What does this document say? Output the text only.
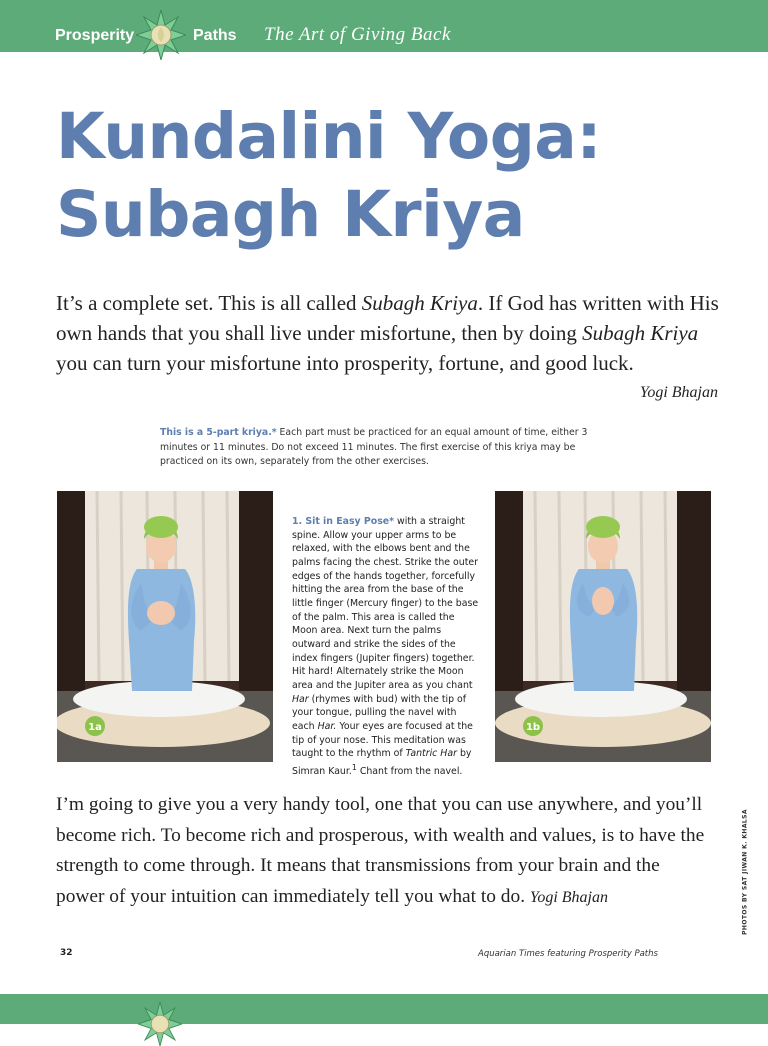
Prosperity	Paths The Art of Giving Back
Kundalini Yoga:
Subagh Kriya

It’s a complete set. This is all called Subagh Kriya. If God has written with His own hands that you shall live under misfortune, then by doing Subagh Kriya you can turn your misfortune into prosperity, fortune, and good luck.

Yogi Bhajan

This is a 5-part kriya.* Each part must be practiced for an equal amount of time, either 3 minutes or 11 minutes. Do not exceed 11 minutes. The first exercise of this kriya may be practiced on its own, separately from the other exercises.

1a

1. Sit in Easy Pose* with a straight spine. Allow your upper arms to be relaxed, with the elbows bent and the palms facing the chest. Strike the outer edges of the hands together, forcefully hitting the area from the base of the little finger (Mercury finger) to the base of the palm. This area is called the Moon area. Next turn the palms outward and strike the sides of the index fingers (Jupiter fingers) together. Hit hard! Alternately strike the Moon area and the Jupiter area as you chant Har (rhymes with bud) with the tip of your tongue, pulling the navel with each Har. Your eyes are focused at the tip of your nose. This meditation was taught to the rhythm of Tantric Har by Simran Kaur.$^1$ Chant from the navel.

1b

I’m going to give you a very handy tool, one that you can use anywhere, and you’ll become rich. To become rich and prosperous, with wealth and values, is to have the strength to come through. It means that transmissions from your brain and the power of your intuition can immediately tell you what to do. Yogi Bhajan	PHOTOS BY SAT JIWAN K. KHALSA
32	Aquarian Times featuring Prosperity Paths
